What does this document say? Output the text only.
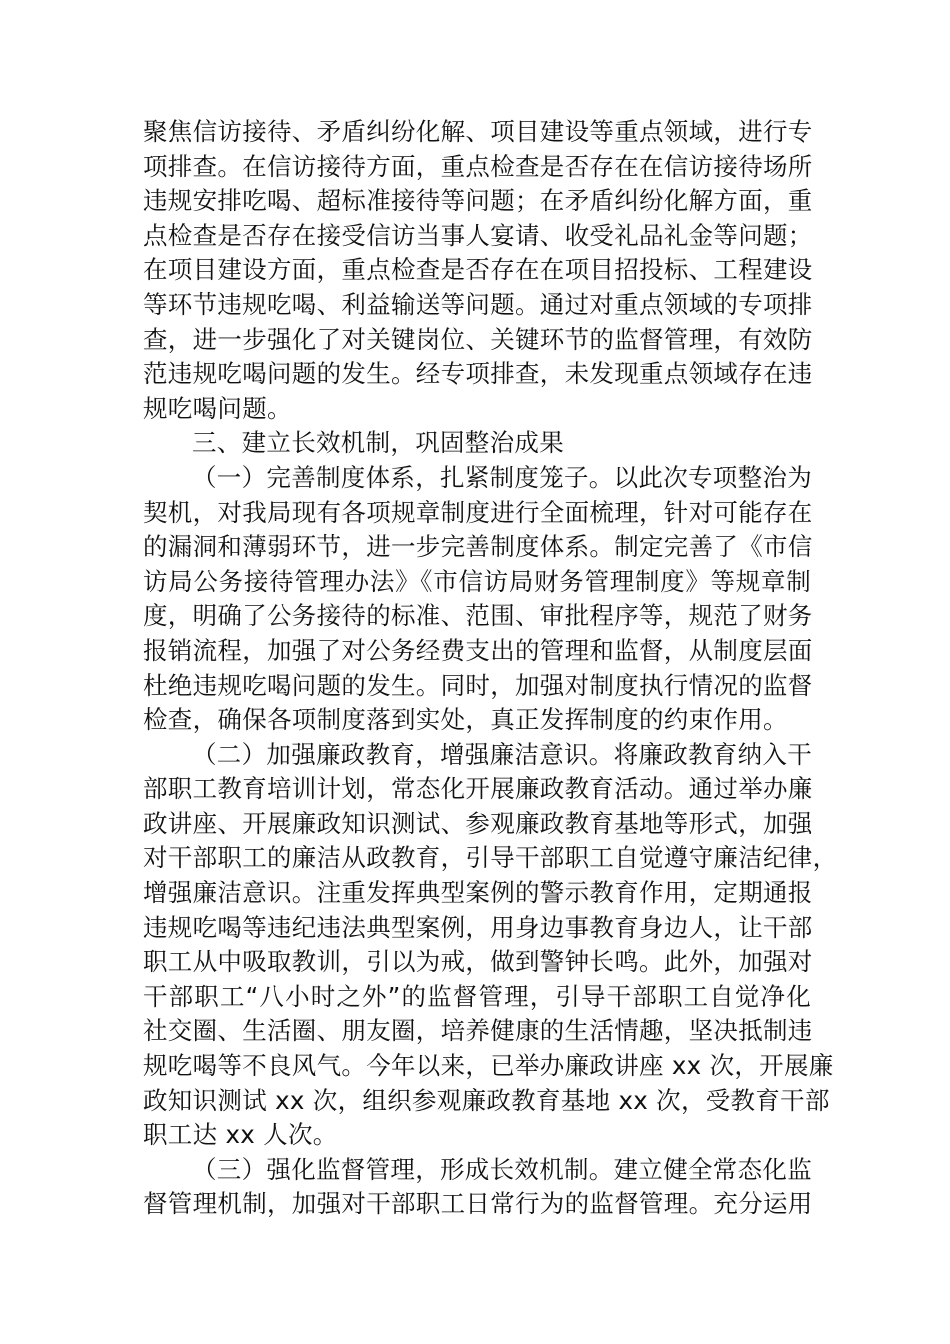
聚焦信访接待、矛盾纠纷化解、项目建设等重点领域，进行专
项排查。在信访接待方面，重点检查是否存在在信访接待场所
违规安排吃喝、超标准接待等问题；在矛盾纠纷化解方面，重
点检查是否存在接受信访当事人宴请、收受礼品礼金等问题；
在项目建设方面，重点检查是否存在在项目招投标、工程建设
等环节违规吃喝、利益输送等问题。通过对重点领域的专项排
查，进一步强化了对关键岗位、关键环节的监督管理，有效防
范违规吃喝问题的发生。经专项排查，未发现重点领域存在违
规吃喝问题。
三、建立长效机制，巩固整治成果
（一）完善制度体系，扎紧制度笼子。以此次专项整治为
契机，对我局现有各项规章制度进行全面梳理，针对可能存在
的漏洞和薄弱环节，进一步完善制度体系。制定完善了《市信
访局公务接待管理办法》《市信访局财务管理制度》等规章制
度，明确了公务接待的标准、范围、审批程序等，规范了财务
报销流程，加强了对公务经费支出的管理和监督，从制度层面
杜绝违规吃喝问题的发生。同时，加强对制度执行情况的监督
检查，确保各项制度落到实处，真正发挥制度的约束作用。
（二）加强廉政教育，增强廉洁意识。将廉政教育纳入干
部职工教育培训计划，常态化开展廉政教育活动。通过举办廉
政讲座、开展廉政知识测试、参观廉政教育基地等形式，加强
对干部职工的廉洁从政教育，引导干部职工自觉遵守廉洁纪律，
增强廉洁意识。注重发挥典型案例的警示教育作用，定期通报
违规吃喝等违纪违法典型案例，用身边事教育身边人，让干部
职工从中吸取教训，引以为戒，做到警钟长鸣。此外，加强对
干部职工“八小时之外”的监督管理，引导干部职工自觉净化
社交圈、生活圈、朋友圈，培养健康的生活情趣，坚决抵制违
规吃喝等不良风气。今年以来，已举办廉政讲座 xx 次，开展廉
政知识测试 xx 次，组织参观廉政教育基地 xx 次，受教育干部
职工达 xx 人次。
（三）强化监督管理，形成长效机制。建立健全常态化监
督管理机制，加强对干部职工日常行为的监督管理。充分运用
